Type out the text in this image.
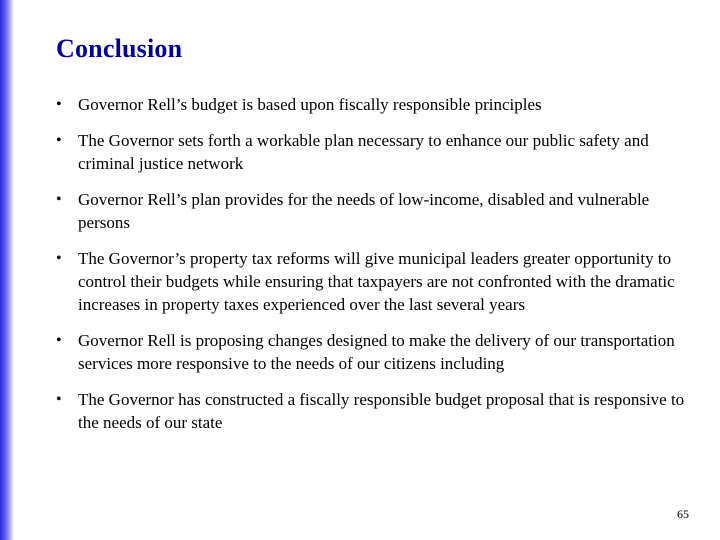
Conclusion
• Governor Rell’s budget is based upon fiscally responsible principles
• The Governor sets forth a workable plan necessary to enhance our public safety and criminal justice network
• Governor Rell’s plan provides for the needs of low-income, disabled and vulnerable persons
• The Governor’s property tax reforms will give municipal leaders greater opportunity to control their budgets while ensuring that taxpayers are not confronted with the dramatic increases in property taxes experienced over the last several years
• Governor Rell is proposing changes designed to make the delivery of our transportation services more responsive to the needs of our citizens including
• The Governor has constructed a fiscally responsible budget proposal that is responsive to the needs of our state
65
